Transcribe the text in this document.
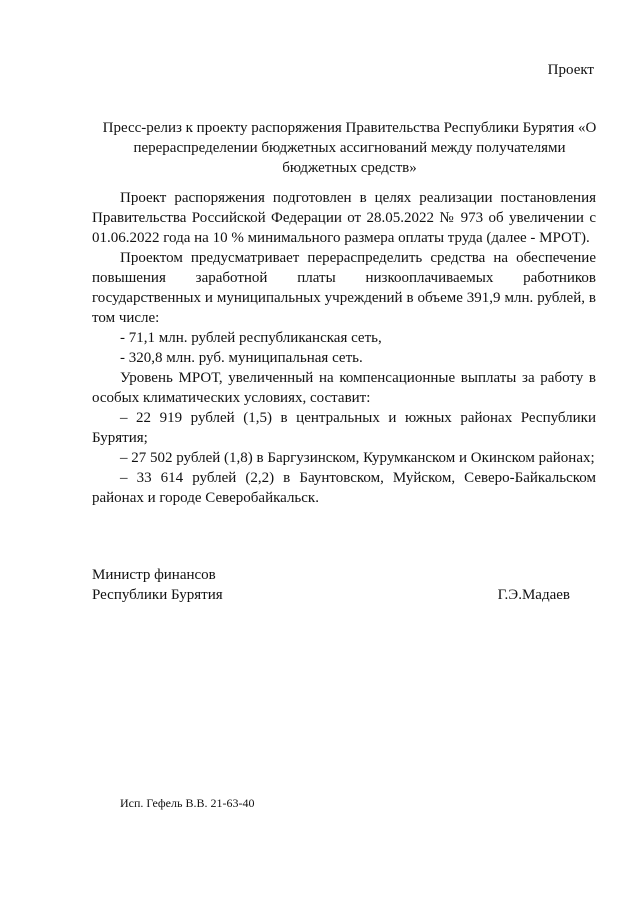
Проект
Пресс-релиз к проекту распоряжения Правительства Республики Бурятия «О
перераспределении бюджетных ассигнований между получателями
бюджетных средств»

Проект распоряжения подготовлен в целях реализации постановления Правительства Российской Федерации от 28.05.2022 № 973 об увеличении с 01.06.2022 года на 10 % минимального размера оплаты труда (далее - МРОТ).

Проектом предусматривает перераспределить средства на обеспечение повышения заработной платы низкооплачиваемых работников государственных и муниципальных учреждений в объеме 391,9 млн. рублей, в том числе:

- 71,1 млн. рублей республиканская сеть,

- 320,8 млн. руб. муниципальная сеть.

Уровень МРОТ, увеличенный на компенсационные выплаты за работу в особых климатических условиях, составит:

– 22 919 рублей (1,5) в центральных и южных районах Республики Бурятия;

– 27 502 рублей (1,8) в Баргузинском, Курумканском и Окинском районах;

– 33 614 рублей (2,2) в Баунтовском, Муйском, Северо-Байкальском районах и городе Северобайкальск.

Министр финансов
Республики Бурятия	Г.Э.Мадаев
Исп. Гефель В.В. 21-63-40
